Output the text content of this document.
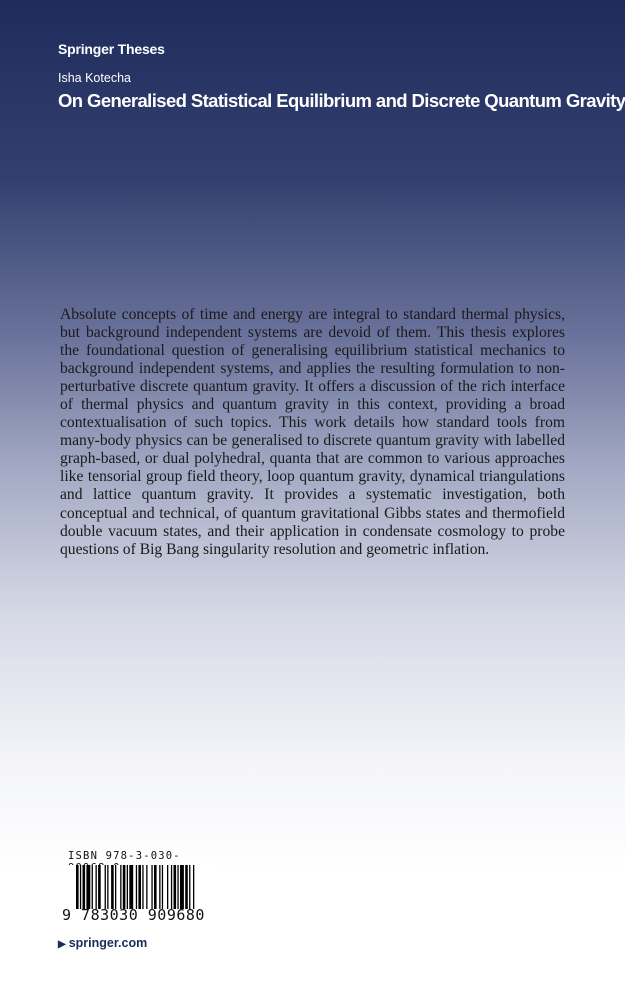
Springer Theses
Isha Kotecha
On Generalised Statistical Equilibrium and Discrete Quantum Gravity
Absolute concepts of time and energy are integral to standard thermal physics, but background independent systems are devoid of them. This thesis explores the foundational question of generalising equilibrium statistical mechanics to background independent systems, and applies the resulting formulation to non-perturbative discrete quantum gravity. It offers a discussion of the rich interface of thermal physics and quantum gravity in this context, providing a broad contextualisation of such topics. This work details how standard tools from many-body physics can be generalised to discrete quantum gravity with labelled graph-based, or dual polyhedral, quanta that are common to various approaches like tensorial group field theory, loop quantum gravity, dynamical triangulations and lattice quantum gravity. It provides a systematic investigation, both conceptual and technical, of quantum gravitational Gibbs states and thermofield double vacuum states, and their application in condensate cosmology to probe questions of Big Bang singularity resolution and geometric inflation.
ISBN 978-3-030-
9 783030 909680
▶ springer.com
